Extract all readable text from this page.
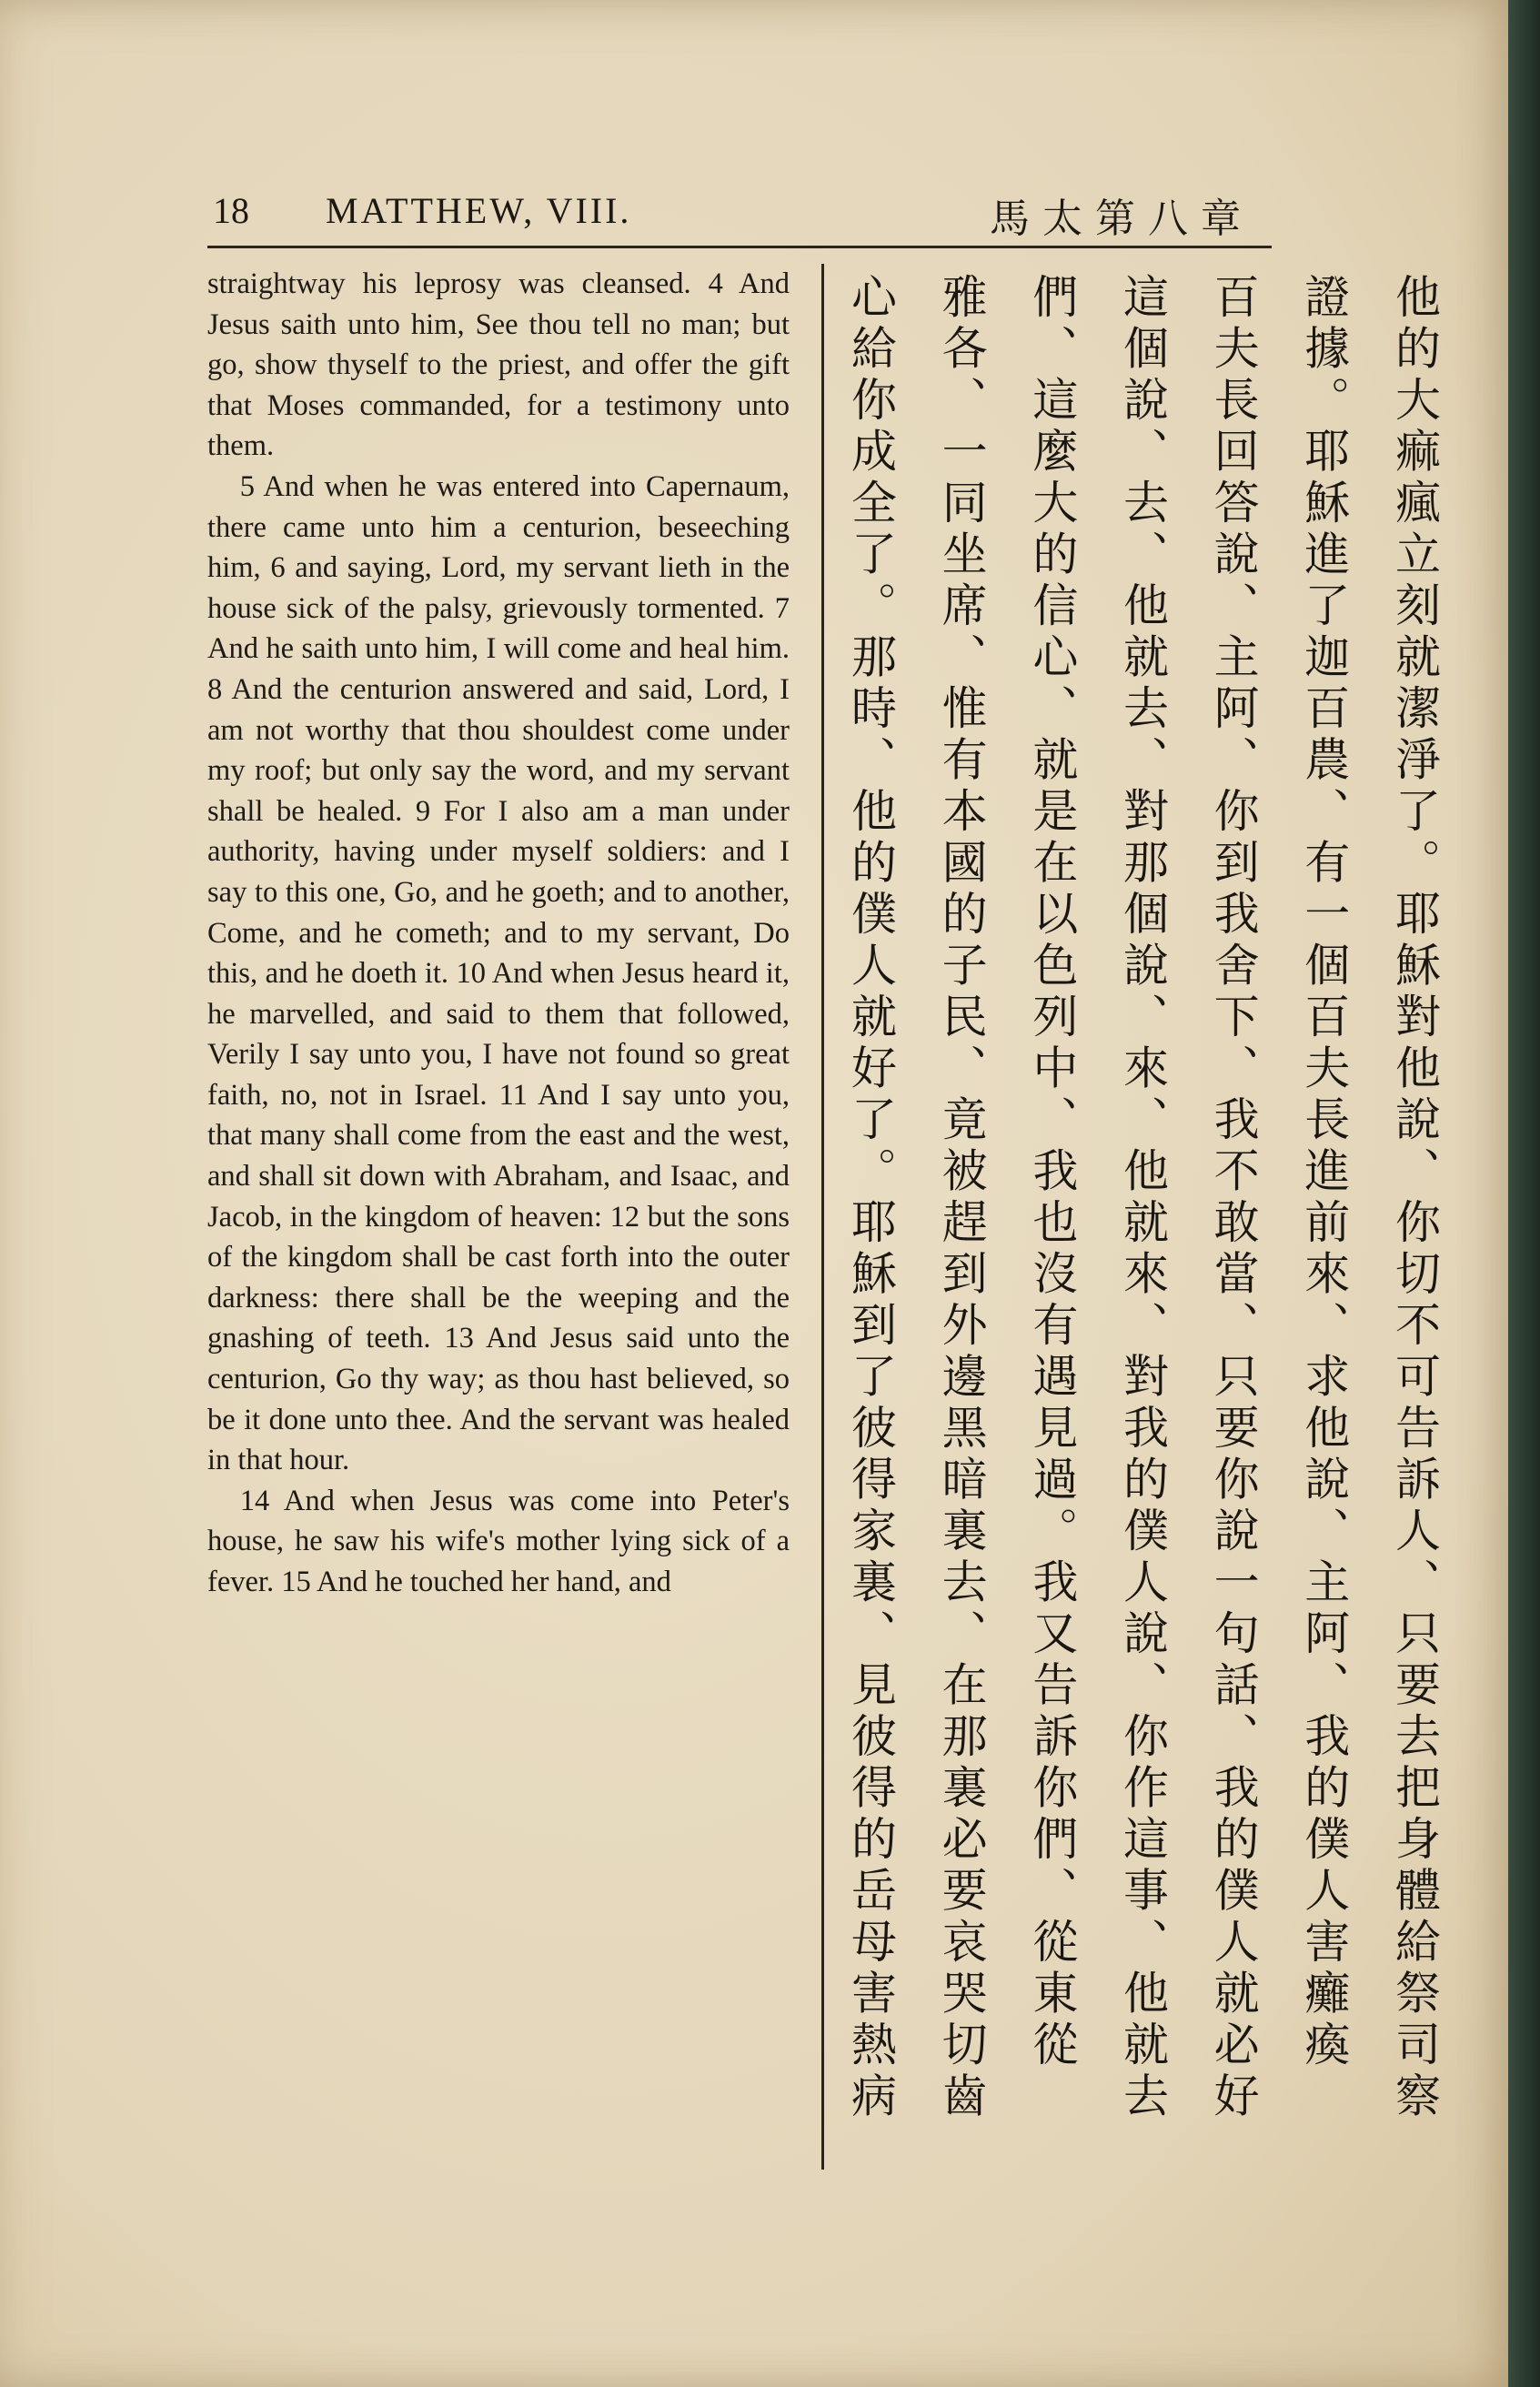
18 MATTHEW, VIII.	馬太第八章

straightway his leprosy was cleansed. 4 And Jesus saith unto him, See thou tell no man; but go, show thyself to the priest, and offer the gift that Moses commanded, for a testimony unto them.

5 And when he was entered into Capernaum, there came unto him a centurion, beseeching him, 6 and saying, Lord, my servant lieth in the house sick of the palsy, grievously tormented. 7 And he saith unto him, I will come and heal him. 8 And the centurion answered and said, Lord, I am not worthy that thou shouldest come under my roof; but only say the word, and my servant shall be healed. 9 For I also am a man under authority, having under myself soldiers: and I say to this one, Go, and he goeth; and to another, Come, and he cometh; and to my servant, Do this, and he doeth it. 10 And when Jesus heard it, he marvelled, and said to them that followed, Verily I say unto you, I have not found so great faith, no, not in Israel. 11 And I say unto you, that many shall come from the east and the west, and shall sit down with Abraham, and Isaac, and Jacob, in the kingdom of heaven: 12 but the sons of the kingdom shall be cast forth into the outer darkness: there shall be the weeping and the gnashing of teeth. 13 And Jesus said unto the centurion, Go thy way; as thou hast believed, so be it done unto thee. And the servant was healed in that hour.

14 And when Jesus was come into Peter's house, he saw his wife's mother lying sick of a fever. 15 And he touched her hand, and

他的大痲瘋立刻就潔淨了。耶穌對他說、你切不可告訴人、只要去把身體給祭司察
證據。耶穌進了迦百農、有一個百夫長進前來、求他說、主阿、我的僕人害癱瘓
百夫長回答說、主阿、你到我舍下、我不敢當、只要你說一句話、我的僕人就必好
這個說、去、他就去、對那個說、來、他就來、對我的僕人說、你作這事、他就去
們、這麼大的信心、就是在以色列中、我也沒有遇見過。我又告訴你們、從東從
雅各、一同坐席、惟有本國的子民、竟被趕到外邊黑暗裏去、在那裏必要哀哭切齒
心給你成全了。那時、他的僕人就好了。耶穌到了彼得家裏、見彼得的岳母害熱病
